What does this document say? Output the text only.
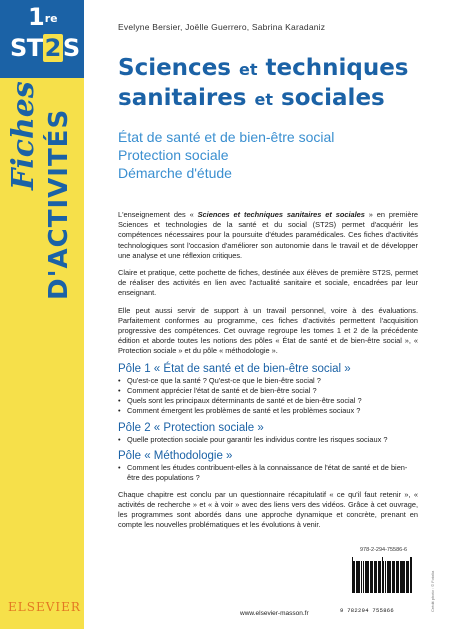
1re
ST2S
Fiches D'ACTIVITÉS
Evelyne Bersier, Joëlle Guerrero, Sabrina Karadaniz
Sciences et techniques
sanitaires et sociales
État de santé et de bien-être social
Protection sociale
Démarche d'étude

L'enseignement des « Sciences et techniques sanitaires et sociales » en première Sciences et technologies de la santé et du social (ST2S) permet d'acquérir les compétences nécessaires pour la poursuite d'études paramédicales. Ces fiches d'activités technologiques sont l'occasion d'améliorer son autonomie dans le travail et de développer une analyse et une réflexion critiques.

Claire et pratique, cette pochette de fiches, destinée aux élèves de première ST2S, permet de réaliser des activités en lien avec l'actualité sanitaire et sociale, encadrées par leur enseignant.

Elle peut aussi servir de support à un travail personnel, voire à des évaluations. Parfaitement conformes au programme, ces fiches d'activités permettent l'acquisition progressive des compétences. Cet ouvrage regroupe les tomes 1 et 2 de la précédente édition et aborde toutes les notions des pôles « État de santé et de bien-être social », « Protection sociale » et du pôle « méthodologie ».

Pôle 1 « État de santé et de bien-être social »
• Qu'est-ce que la santé ? Qu'est-ce que le bien-être social ?
• Comment apprécier l'état de santé et de bien-être social ?
• Quels sont les principaux déterminants de santé et de bien-être social ?
• Comment émergent les problèmes de santé et les problèmes sociaux ?
Pôle 2 « Protection sociale »
• Quelle protection sociale pour garantir les individus contre les risques sociaux ?
Pôle « Méthodologie »
• Comment les études contribuent-elles à la connaissance de l'état de santé et de bien-être des populations ?

Chaque chapitre est conclu par un questionnaire récapitulatif « ce qu'il faut retenir », « activités de recherche » et « à voir » avec des liens vers des vidéos. Grâce à cet ouvrage, les programmes sont abordés dans une approche dynamique et concrète, prenant en compte les nouvelles problématiques et les évolutions à venir.

978-2-294-75586-6
9 782294 755866
ELSEVIER	www.elsevier-masson.fr
Crédit photo : © Fotolia
